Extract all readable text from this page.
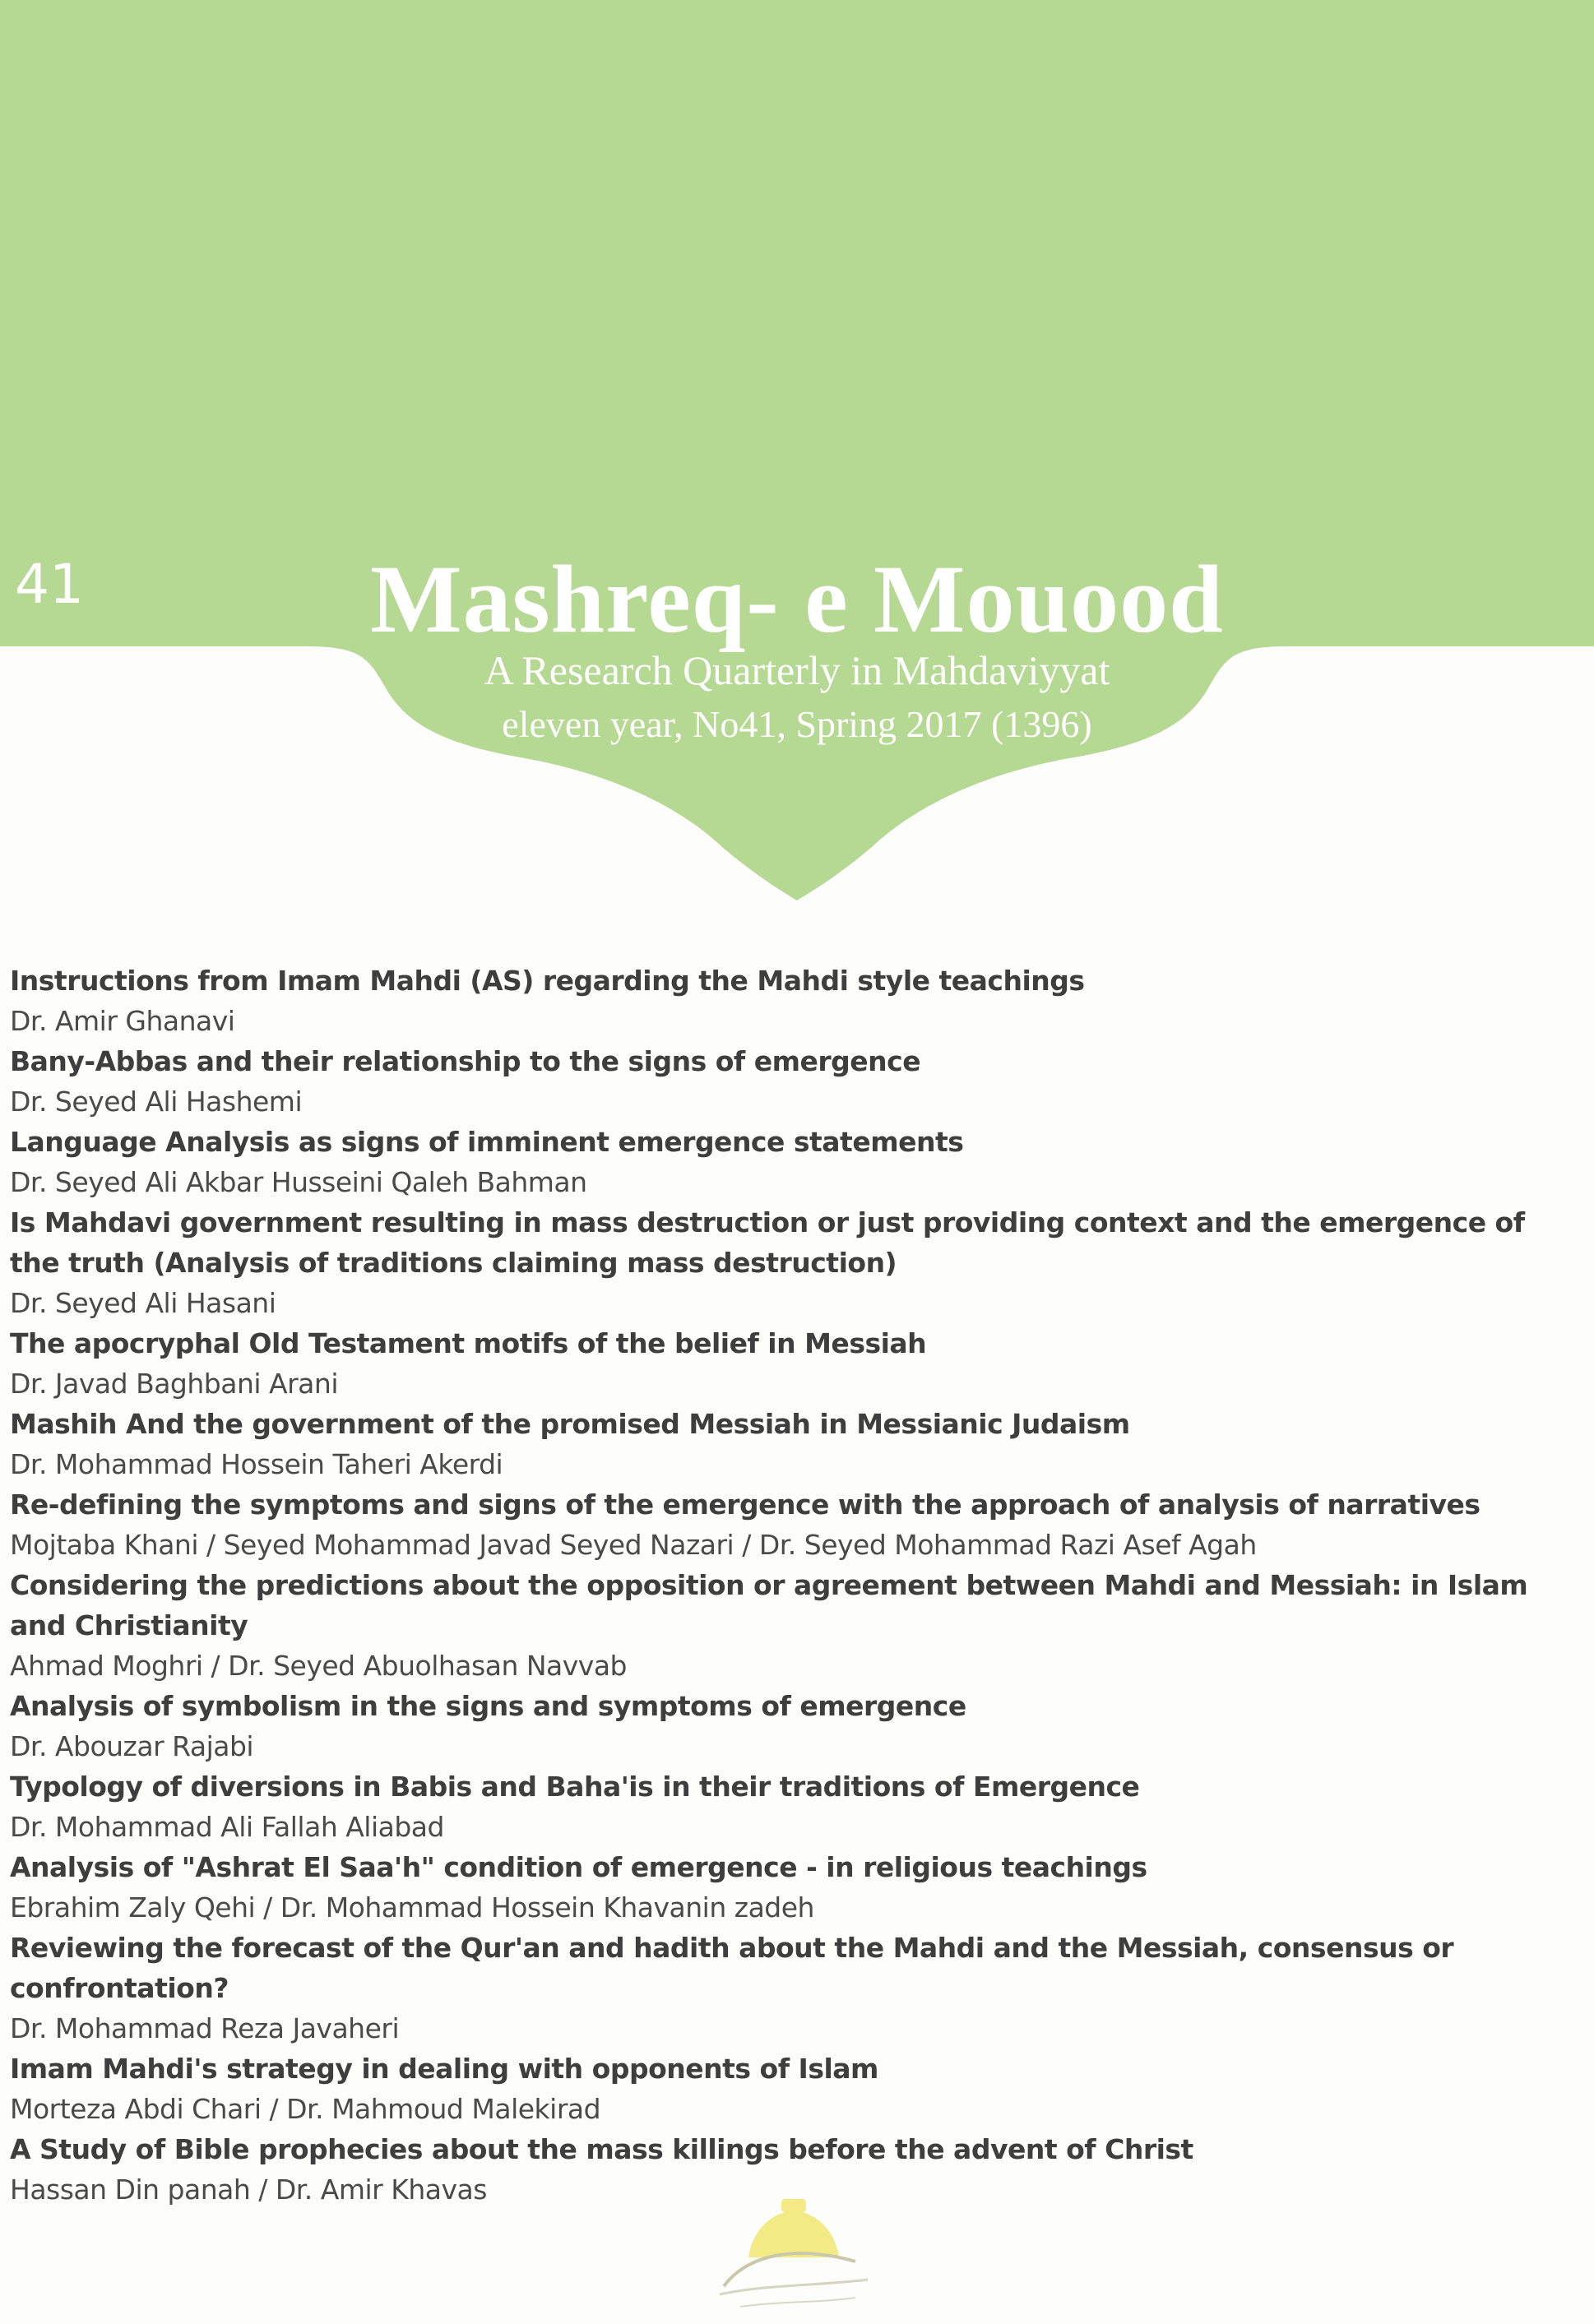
41	Mashreq- e Mouood
A Research Quarterly in Mahdaviyyat
eleven year, No41, Spring 2017 (1396)
Instructions from Imam Mahdi (AS) regarding the Mahdi style teachings
Dr. Amir Ghanavi
Bany-Abbas and their relationship to the signs of emergence
Dr. Seyed Ali Hashemi
Language Analysis as signs of imminent emergence statements
Dr. Seyed Ali Akbar Husseini Qaleh Bahman
Is Mahdavi government resulting in mass destruction or just providing context and the emergence of the truth (Analysis of traditions claiming mass destruction)
Dr. Seyed Ali Hasani
The apocryphal Old Testament motifs of the belief in Messiah
Dr. Javad Baghbani Arani
Mashih And the government of the promised Messiah in Messianic Judaism
Dr. Mohammad Hossein Taheri Akerdi
Re-defining the symptoms and signs of the emergence with the approach of analysis of narratives
Mojtaba Khani / Seyed Mohammad Javad Seyed Nazari / Dr. Seyed Mohammad Razi Asef Agah
Considering the predictions about the opposition or agreement between Mahdi and Messiah: in Islam and Christianity
Ahmad Moghri / Dr. Seyed Abuolhasan Navvab
Analysis of symbolism in the signs and symptoms of emergence
Dr. Abouzar Rajabi
Typology of diversions in Babis and Baha'is in their traditions of Emergence
Dr. Mohammad Ali Fallah Aliabad
Analysis of "Ashrat El Saa'h" condition of emergence - in religious teachings
Ebrahim Zaly Qehi / Dr. Mohammad Hossein Khavanin zadeh
Reviewing the forecast of the Qur'an and hadith about the Mahdi and the Messiah, consensus or confrontation?
Dr. Mohammad Reza Javaheri
Imam Mahdi's strategy in dealing with opponents of Islam
Morteza Abdi Chari / Dr. Mahmoud Malekirad
A Study of Bible prophecies about the mass killings before the advent of Christ
Hassan Din panah / Dr. Amir Khavas
